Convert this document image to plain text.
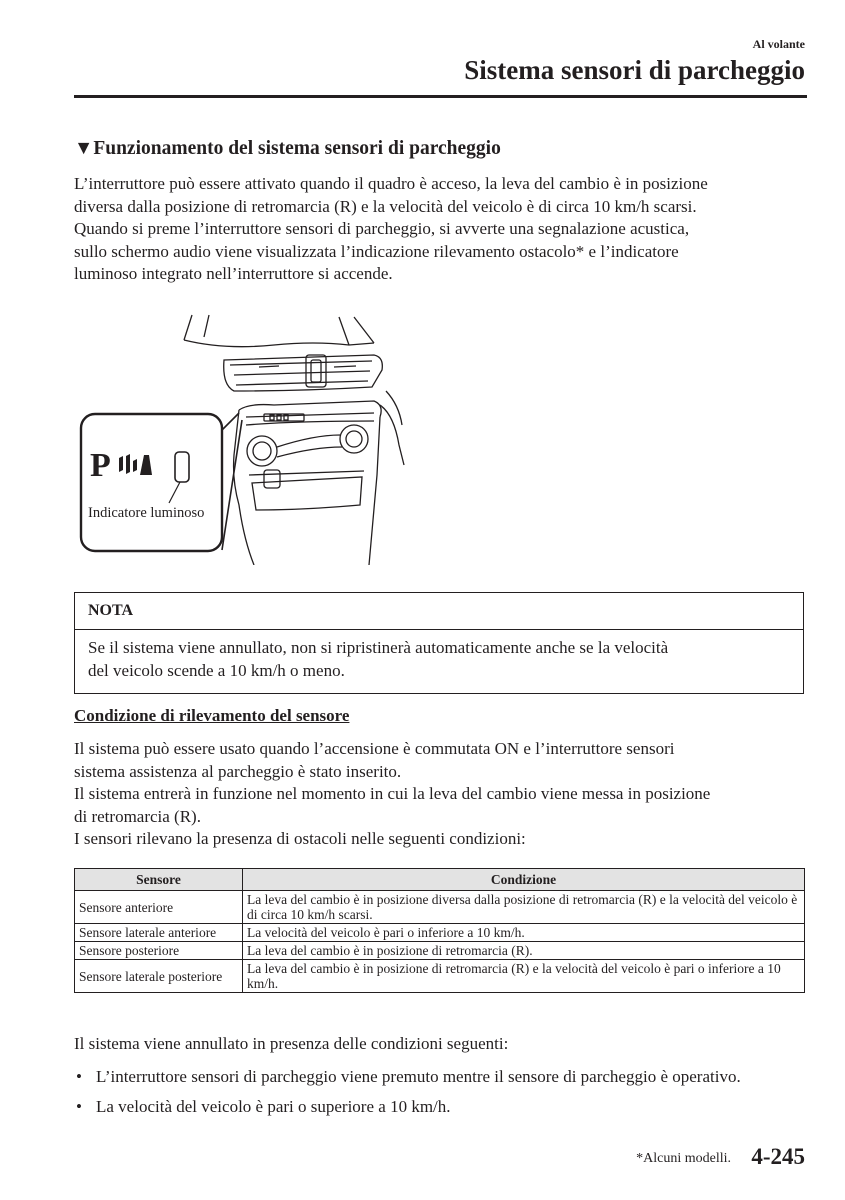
Al volante
Sistema sensori di parcheggio
▼Funzionamento del sistema sensori di parcheggio
L’interruttore può essere attivato quando il quadro è acceso, la leva del cambio è in posizione
diversa dalla posizione di retromarcia (R) e la velocità del veicolo è di circa 10 km/h scarsi.
Quando si preme l’interruttore sensori di parcheggio, si avverte una segnalazione acustica,
sullo schermo audio viene visualizzata l’indicazione rilevamento ostacolo* e l’indicatore
luminoso integrato nell’interruttore si accende.
P
Indicatore luminoso
NOTA
Se il sistema viene annullato, non si ripristinerà automaticamente anche se la velocità
del veicolo scende a 10 km/h o meno.
Condizione di rilevamento del sensore
Il sistema può essere usato quando l’accensione è commutata ON e l’interruttore sensori
sistema assistenza al parcheggio è stato inserito.
Il sistema entrerà in funzione nel momento in cui la leva del cambio viene messa in posizione
di retromarcia (R).
I sensori rilevano la presenza di ostacoli nelle seguenti condizioni:
Sensore	Condizione
Sensore anteriore	La leva del cambio è in posizione diversa dalla posizione di retromarcia (R) e la velocità del veicolo è di circa 10 km/h scarsi.
Sensore laterale anteriore	La velocità del veicolo è pari o inferiore a 10 km/h.
Sensore posteriore	La leva del cambio è in posizione di retromarcia (R).
Sensore laterale posteriore	La leva del cambio è in posizione di retromarcia (R) e la velocità del veicolo è pari o inferiore a 10 km/h.
Il sistema viene annullato in presenza delle condizioni seguenti:
• L’interruttore sensori di parcheggio viene premuto mentre il sensore di parcheggio è operativo.
• La velocità del veicolo è pari o superiore a 10 km/h.
*Alcuni modelli. 4-245
